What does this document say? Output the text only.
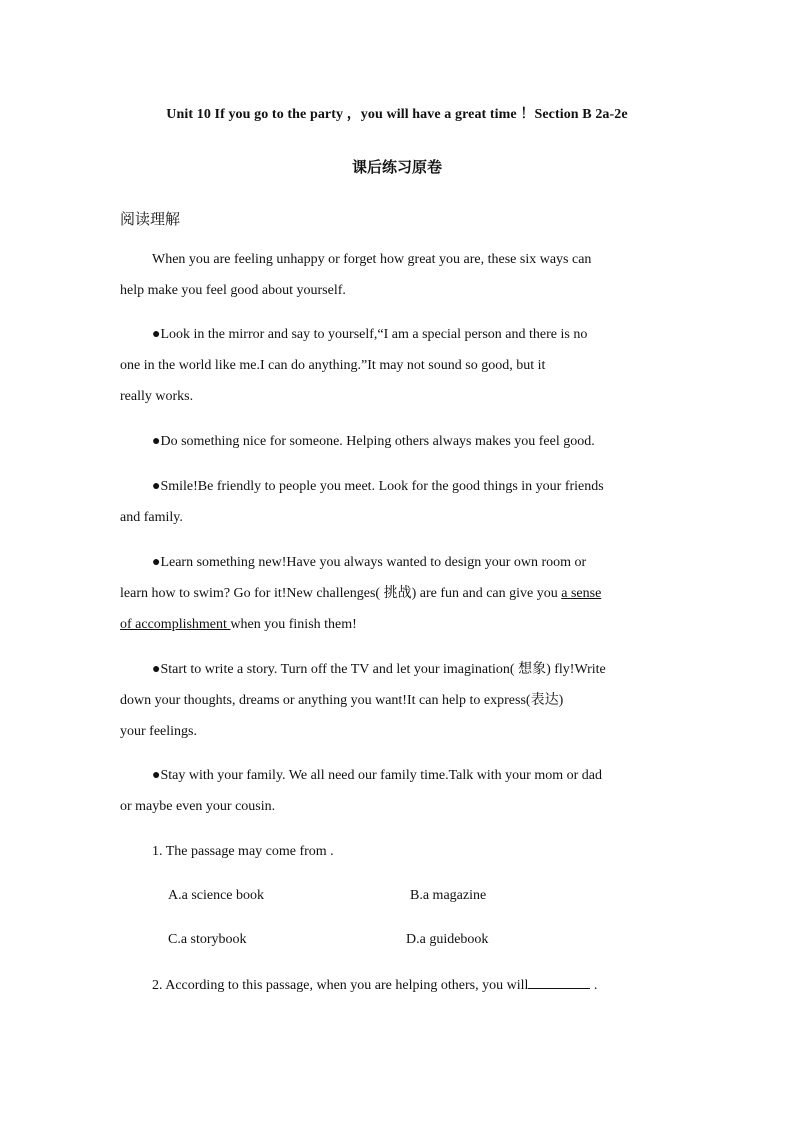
Unit 10 If you go to the party ，you will have a great time ！Section B 2a-2e
课后练习原卷
阅读理解

When you are feeling unhappy or forget how great you are, these six ways can
help make you feel good about yourself.

●Look in the mirror and say to yourself,“I am a special person and there is no
one in the world like me.I can do anything.”It may not sound so good, but it
really works.

●Do something nice for someone. Helping others always makes you feel good.

●Smile!Be friendly to people you meet. Look for the good things in your friends
and family.

●Learn something new!Have you always wanted to design your own room or
learn how to swim? Go for it!New challenges( 挑战) are fun and can give you a sense
of accomplishment when you finish them!

●Start to write a story. Turn off the TV and let your imagination( 想象) fly!Write
down your thoughts, dreams or anything you want!It can help to express(表达)
your feelings.

●Stay with your family. We all need our family time.Talk with your mom or dad
or maybe even your cousin.

1. The passage may come from .

A.a science book	B.a magazine
C.a storybook	D.a guidebook

2. According to this passage, when you are helping others, you will	.
